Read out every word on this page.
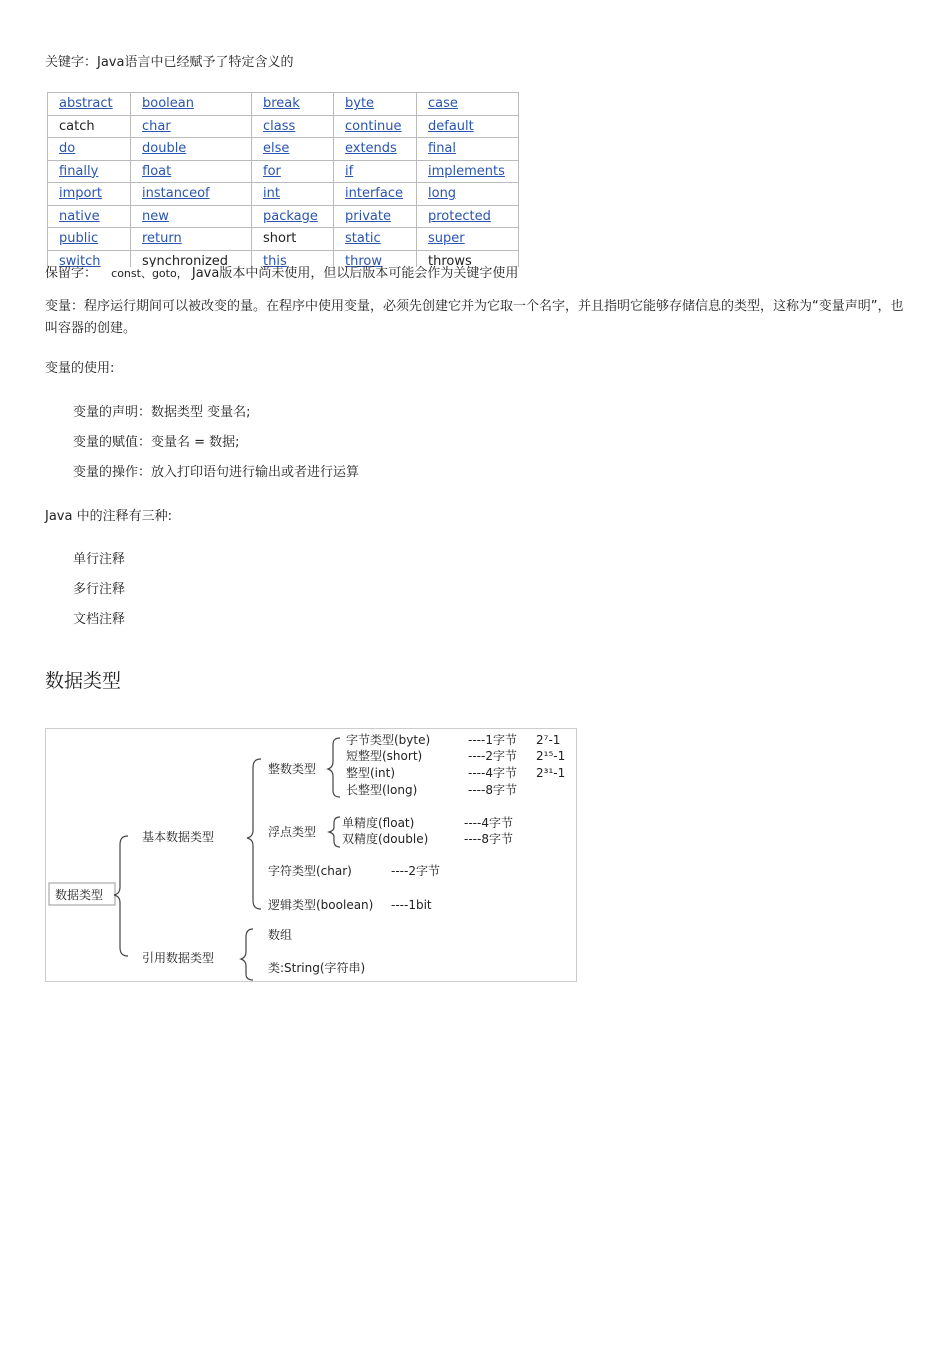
关键字：Java语言中已经赋予了特定含义的
abstract	boolean	break	byte	case
catch	char	class	continue	default
do	double	else	extends	final
finally	float	for	if	implements
import	instanceof	int	interface	long
native	new	package	private	protected
public	return	short	static	super
switch	synchronized	this	throw	throws
保留字： const、goto， Java版本中尚未使用，但以后版本可能会作为关键字使用
变量：程序运行期间可以被改变的量。在程序中使用变量，必须先创建它并为它取一个名字，并且指明它能够存储信息的类型，这称为“变量声明”，也叫容器的创建。
变量的使用:
变量的声明：数据类型 变量名;
变量的赋值：变量名 = 数据;
变量的操作：放入打印语句进行输出或者进行运算
Java 中的注释有三种:
单行注释
多行注释
文档注释
数据类型
数据类型
基本数据类型
引用数据类型
整数类型
浮点类型
字符类型(char)	----2字节
逻辑类型(boolean) ----1bit
字节类型(byte)	----1字节 2⁷-1
短整型(short)	----2字节 2¹⁵-1
整型(int)	----4字节 2³¹-1
长整型(long)	----8字节
单精度(float)	----4字节
双精度(double)	----8字节
数组
类:String(字符串)
